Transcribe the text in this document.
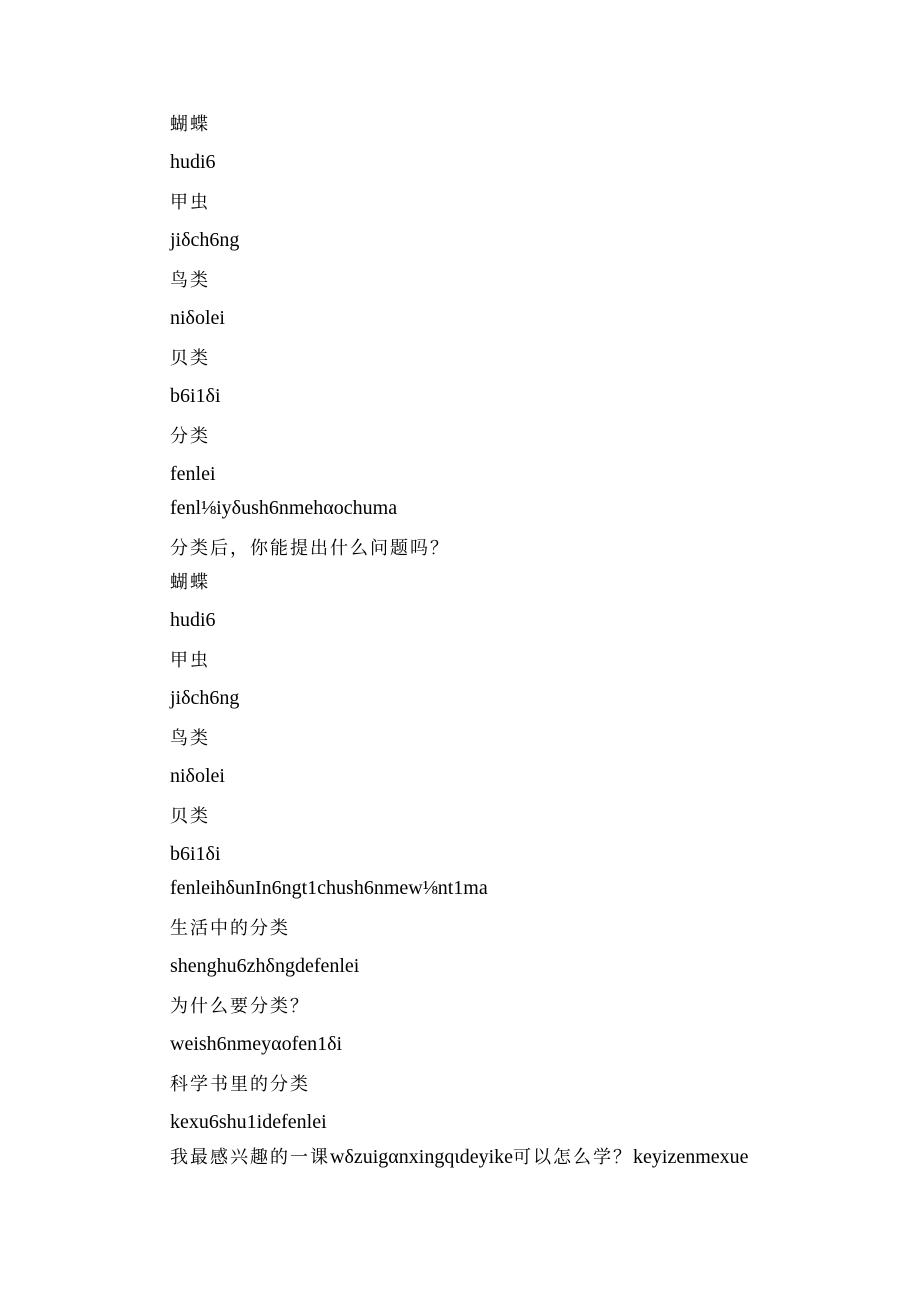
蝴蝶
hudi6
甲虫
jiδch6ng
鸟类
niδolei
贝类
b6i1δi
分类
fenlei
fenl⅛iyδush6nmehαochuma
分类后，你能提出什么问题吗？
蝴蝶
hudi6
甲虫
jiδch6ng
鸟类
niδolei
贝类
b6i1δi
fenleihδunIn6ngt1chush6nmew⅛nt1ma
生活中的分类
shenghu6zhδngdefenlei
为什么要分类？
weish6nmeyαofen1δi
科学书里的分类
kexu6shu1idefenlei
我最感兴趣的一课wδzuigαnxingqιdeyike可以怎么学？keyizenmexue
